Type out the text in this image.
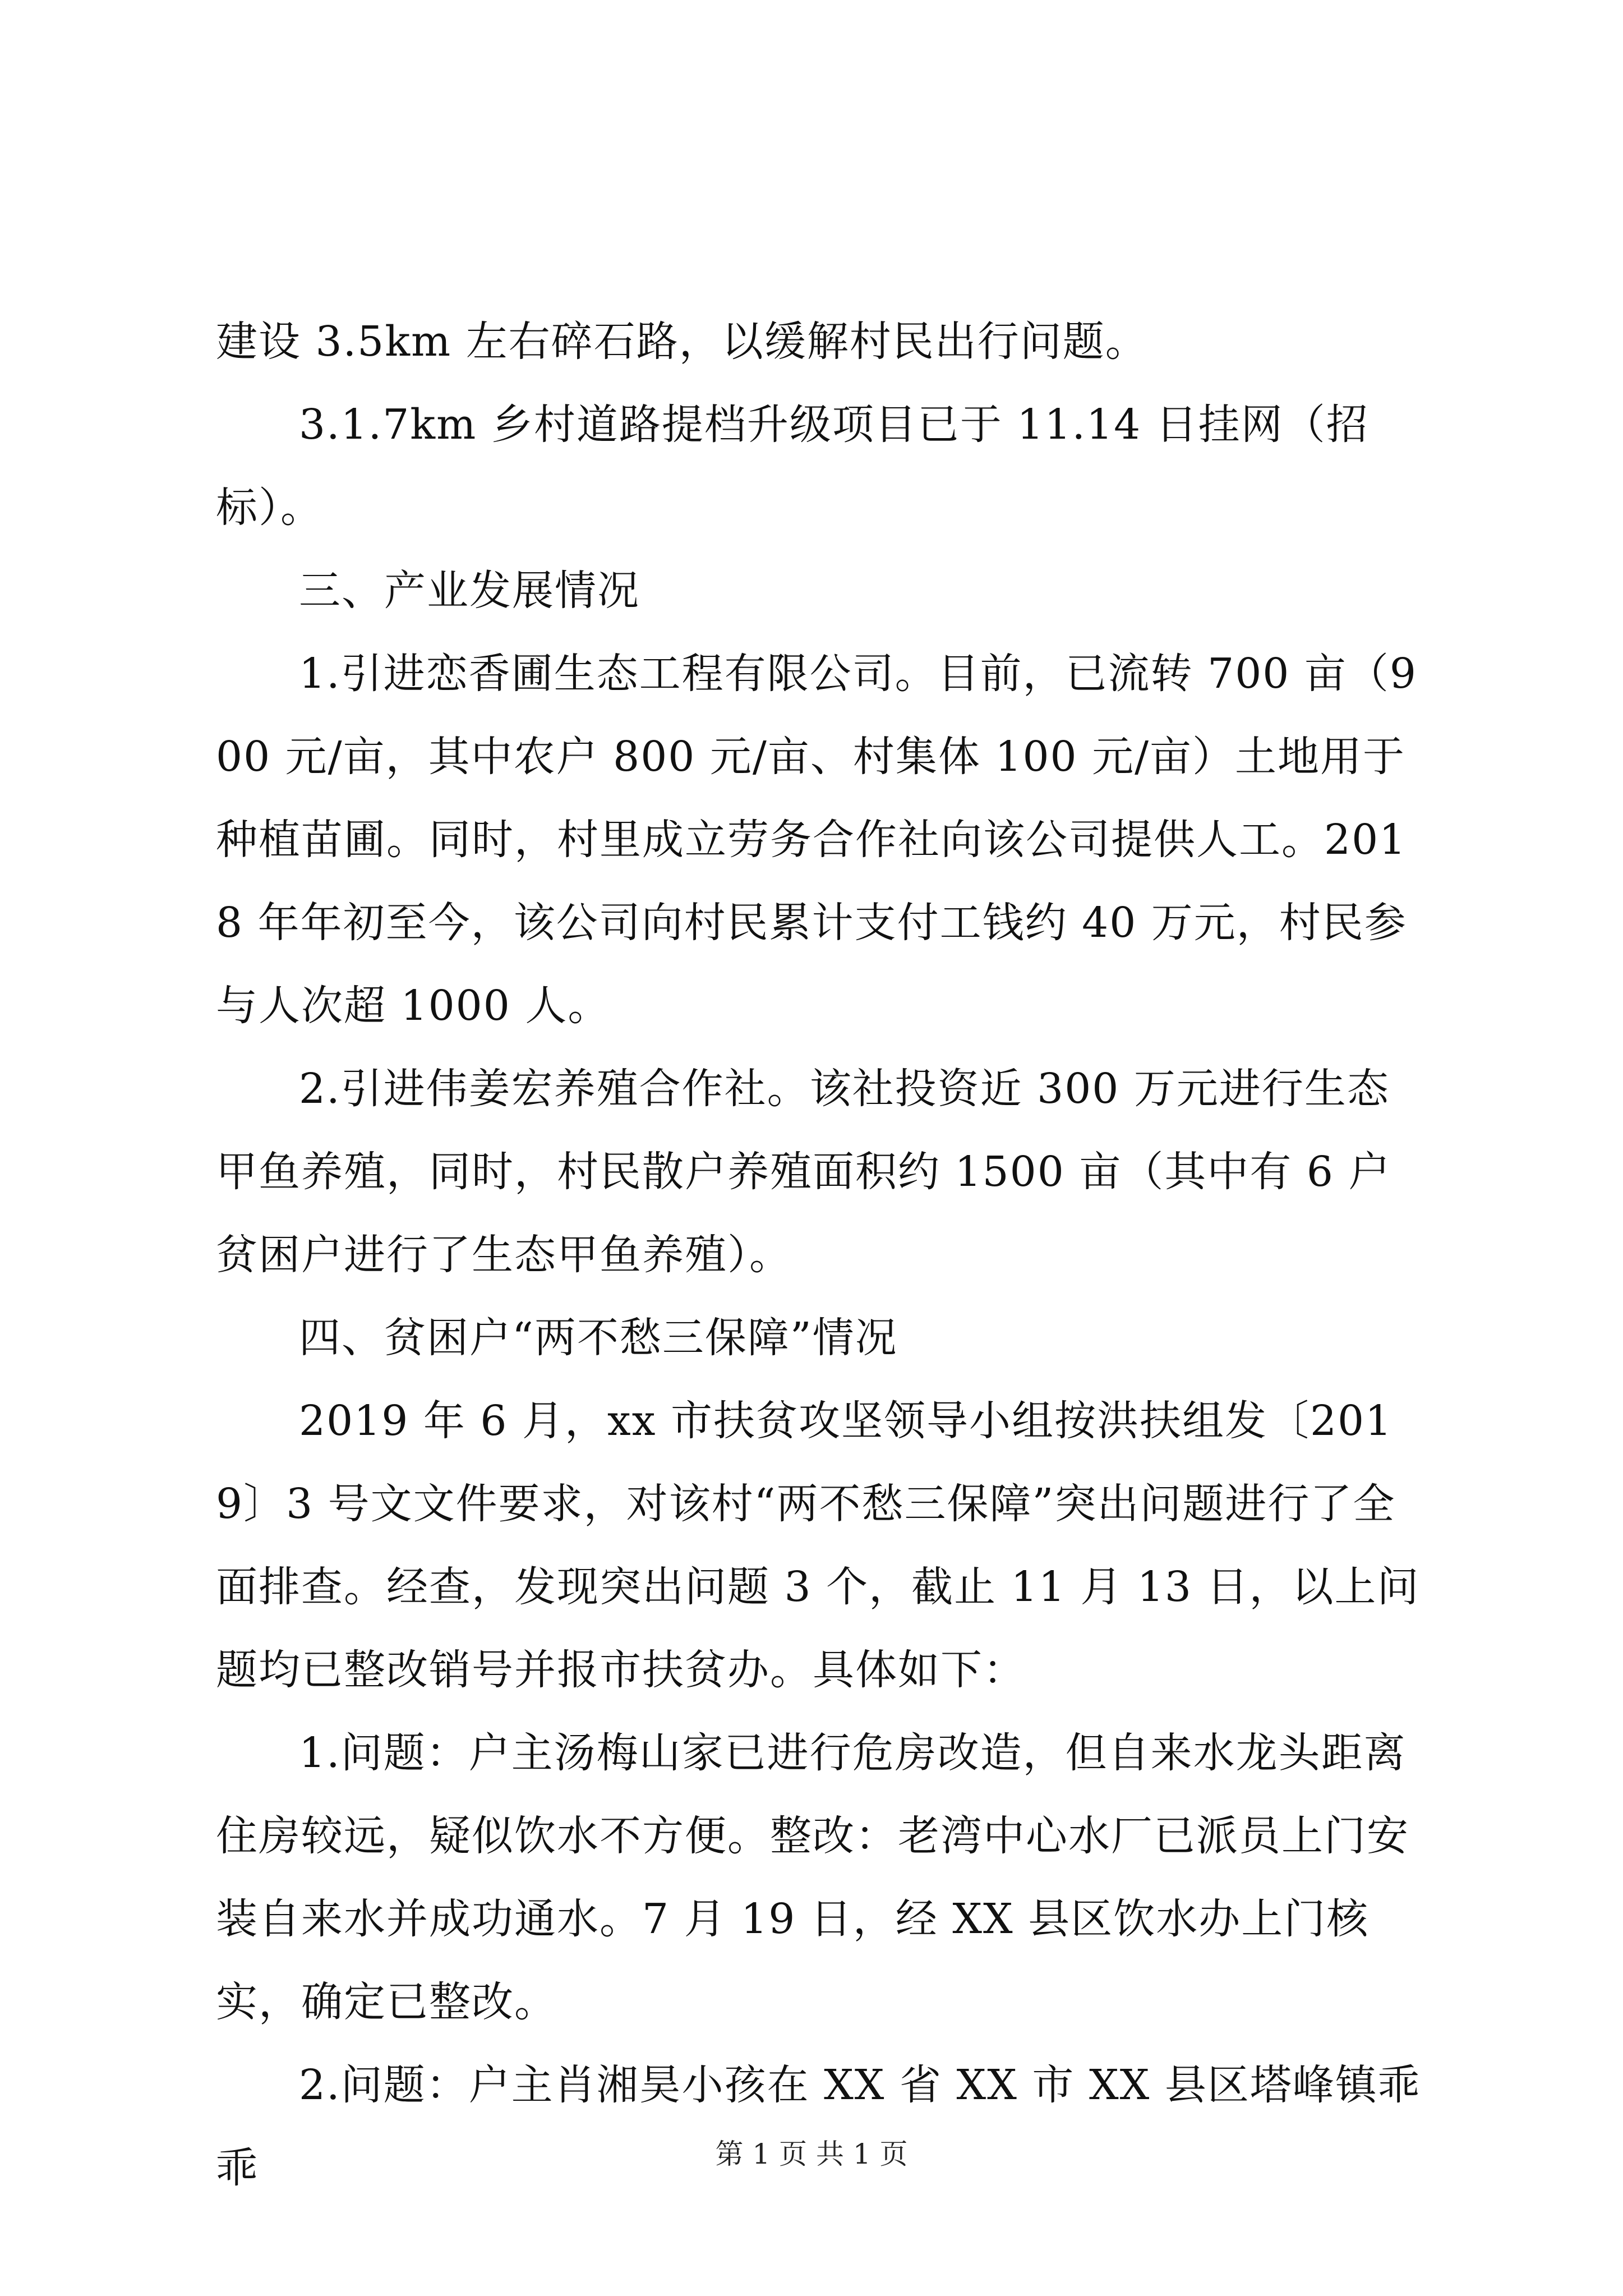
建设 3.5km 左右碎石路，以缓解村民出行问题。

3.1.7km 乡村道路提档升级项目已于 11.14 日挂网（招标）。

三、产业发展情况

1.引进恋香圃生态工程有限公司。目前，已流转 700 亩（900 元/亩，其中农户 800 元/亩、村集体 100 元/亩）土地用于种植苗圃。同时，村里成立劳务合作社向该公司提供人工。2018 年年初至今，该公司向村民累计支付工钱约 40 万元，村民参与人次超 1000 人。

2.引进伟姜宏养殖合作社。该社投资近 300 万元进行生态甲鱼养殖，同时，村民散户养殖面积约 1500 亩（其中有 6 户贫困户进行了生态甲鱼养殖）。

四、贫困户“两不愁三保障”情况

2019 年 6 月，xx 市扶贫攻坚领导小组按洪扶组发〔2019〕3 号文文件要求，对该村“两不愁三保障”突出问题进行了全面排查。经查，发现突出问题 3 个，截止 11 月 13 日，以上问题均已整改销号并报市扶贫办。具体如下：

1.问题：户主汤梅山家已进行危房改造，但自来水龙头距离住房较远，疑似饮水不方便。整改：老湾中心水厂已派员上门安装自来水并成功通水。7 月 19 日，经 XX 县区饮水办上门核实，确定已整改。

2.问题：户主肖湘昊小孩在 XX 省 XX 市 XX 县区塔峰镇乖乖	第 1 页 共 1 页
